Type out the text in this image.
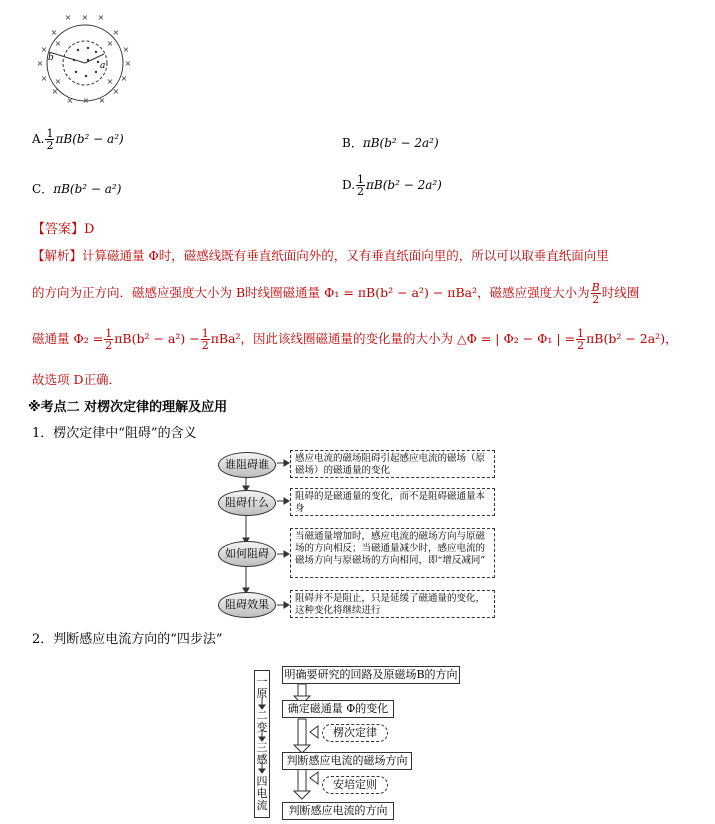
× × ×
×	×
×	×
×	×
×	×
×	×
× × ×
×	×
×	×
b
a
A. $\frac{1}{2} \pi B(b^2 - a^2)$	B．πB(b² − 2a²)
C．πB(b² − a²)	D. $\frac{1}{2} \pi B(b^2 - 2a^2)$
【答案】D
【解析】计算磁通量 Φ时，磁感线既有垂直纸面向外的，又有垂直纸面向里的，所以可以取垂直纸面向里
的方向为正方向．磁感应强度大小为 B时线圈磁通量 Φ₁ = πB(b² − a²) − πBa²，磁感应强度大小为 $\frac{B}{2}$ 时线圈
磁通量 $\Phi_2 = \frac{1}{2} \pi B(b^2 - a^2) - \frac{1}{2} \pi Ba^2$，因此该线圈磁通量的变化量的大小为 △Φ = | Φ₂ − Φ₁ | = $\frac{1}{2} \pi B(b^2 - 2a^2)$，
故选项 D正确．
※考点二 对楞次定律的理解及应用
1．楞次定律中“阻碍”的含义
谁阻碍谁	感应电流的磁场阻碍引起感应电流的磁场（原磁场）的磁通量的变化
阻碍什么	阻碍的是磁通量的变化，而不是阻碍磁通量本身
如何阻碍
当磁通量增加时，感应电流的磁场方向与原磁场的方向相反；当磁通量减少时，感应电流的磁场方向与原磁场的方向相同，即“增反减同”
阻碍效果	阻碍并不是阻止，只是延缓了磁通量的变化，这种变化将继续进行
2．判断感应电流方向的“四步法”
一原
二变
三感
四电流
明确要研究的回路及原磁场B的方向
确定磁通量 Φ的变化
判断感应电流的磁场方向
判断感应电流的方向
楞次定律
安培定则
